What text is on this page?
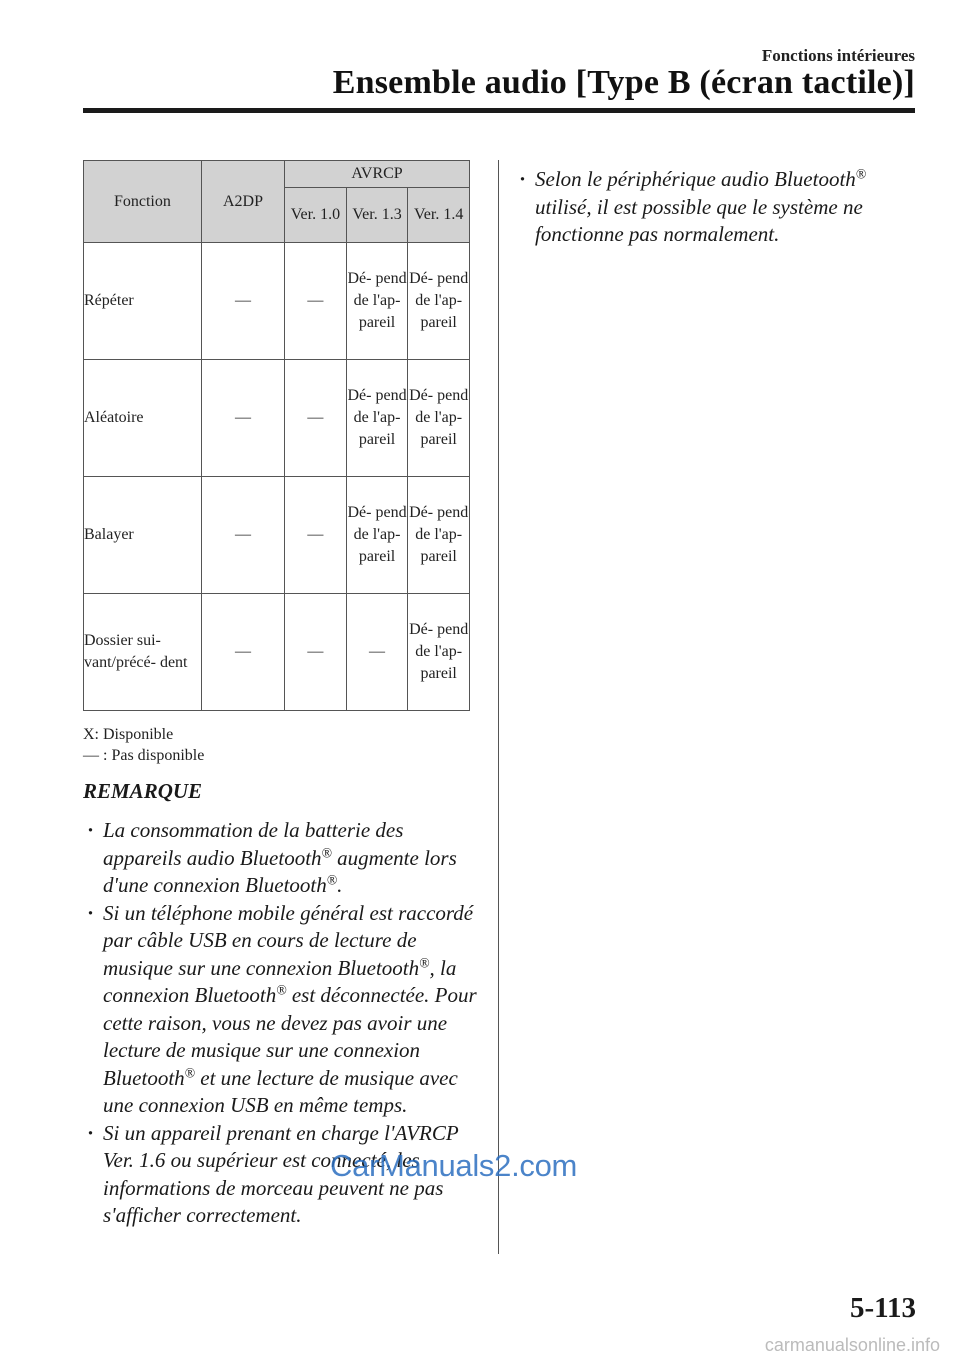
Fonctions intérieures
Ensemble audio [Type B (écran tactile)]
Fonction	A2DP	AVRCP		
		Ver. 1.0	Ver. 1.3	Ver. 1.4
Répéter	—	—	Dé- pend de l'ap- pareil	Dé- pend de l'ap- pareil
Aléatoire	—	—	Dé- pend de l'ap- pareil	Dé- pend de l'ap- pareil
Balayer	—	—	Dé- pend de l'ap- pareil	Dé- pend de l'ap- pareil
Dossier sui- vant/précé- dent	—	—	—	Dé- pend de l'ap- pareil
X: Disponible
— : Pas disponible
REMARQUE
· La consommation de la batterie des appareils audio Bluetooth® augmente lors d'une connexion Bluetooth®.
· Si un téléphone mobile général est raccordé par câble USB en cours de lecture de musique sur une connexion Bluetooth®, la connexion Bluetooth® est déconnectée. Pour cette raison, vous ne devez pas avoir une lecture de musique sur une connexion Bluetooth® et une lecture de musique avec une connexion USB en même temps.
· Si un appareil prenant en charge l'AVRCP Ver. 1.6 ou supérieur est connecté, les informations de morceau peuvent ne pas s'afficher correctement.
· Selon le périphérique audio Bluetooth® utilisé, il est possible que le système ne fonctionne pas normalement.
CarManuals2.com
5-113
carmanualsonline.info
